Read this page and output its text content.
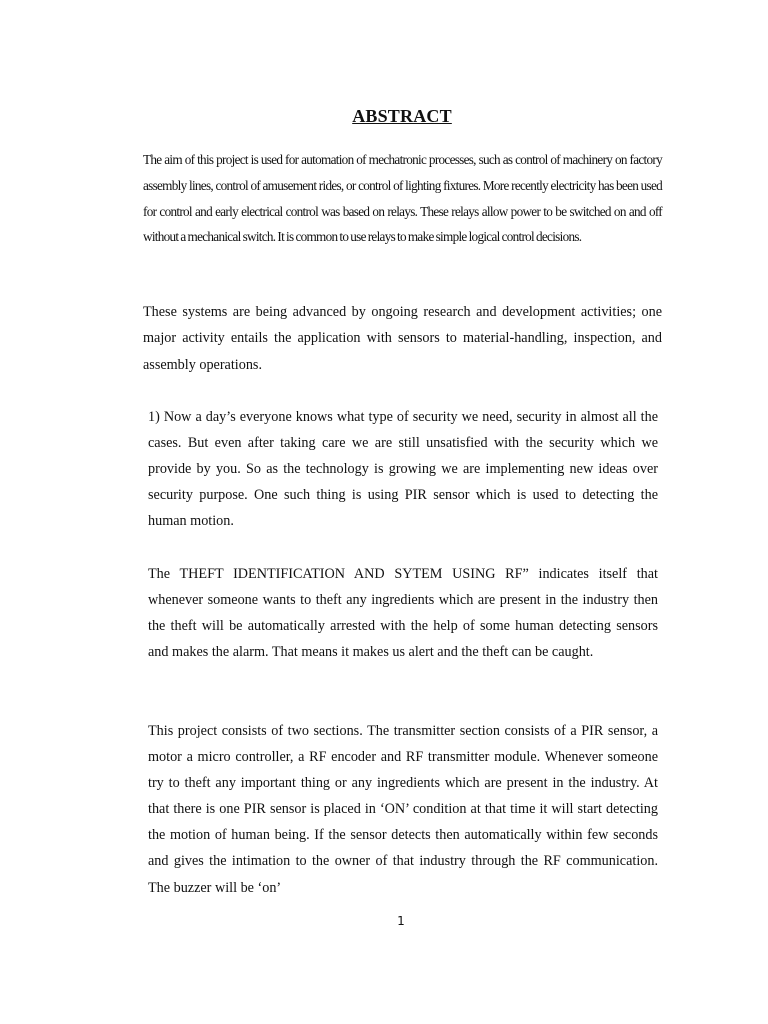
ABSTRACT

The aim of this project is used for automation of mechatronic processes, such as control of machinery on factory assembly lines, control of amusement rides, or control of lighting fixtures. More recently electricity has been used for control and early electrical control was based on relays. These relays allow power to be switched on and off without a mechanical switch. It is common to use relays to make simple logical control decisions.

These systems are being advanced by ongoing research and development activities; one major activity entails the application with sensors to material-handling, inspection, and assembly operations.

1) Now a day’s everyone knows what type of security we need, security in almost all the cases. But even after taking care we are still unsatisfied with the security which we provide by you. So as the technology is growing we are implementing new ideas over security purpose. One such thing is using PIR sensor which is used to detecting the human motion.

The THEFT IDENTIFICATION AND SYTEM USING RF” indicates itself that whenever someone wants to theft any ingredients which are present in the industry then the theft will be automatically arrested with the help of some human detecting sensors and makes the alarm. That means it makes us alert and the theft can be caught.

This project consists of two sections. The transmitter section consists of a PIR sensor, a motor a micro controller, a RF encoder and RF transmitter module. Whenever someone try to theft any important thing or any ingredients which are present in the industry. At that there is one PIR sensor is placed in ‘ON’ condition at that time it will start detecting the motion of human being. If the sensor detects then automatically within few seconds and gives the intimation to the owner of that industry through the RF communication. The buzzer will be ‘on’

1
